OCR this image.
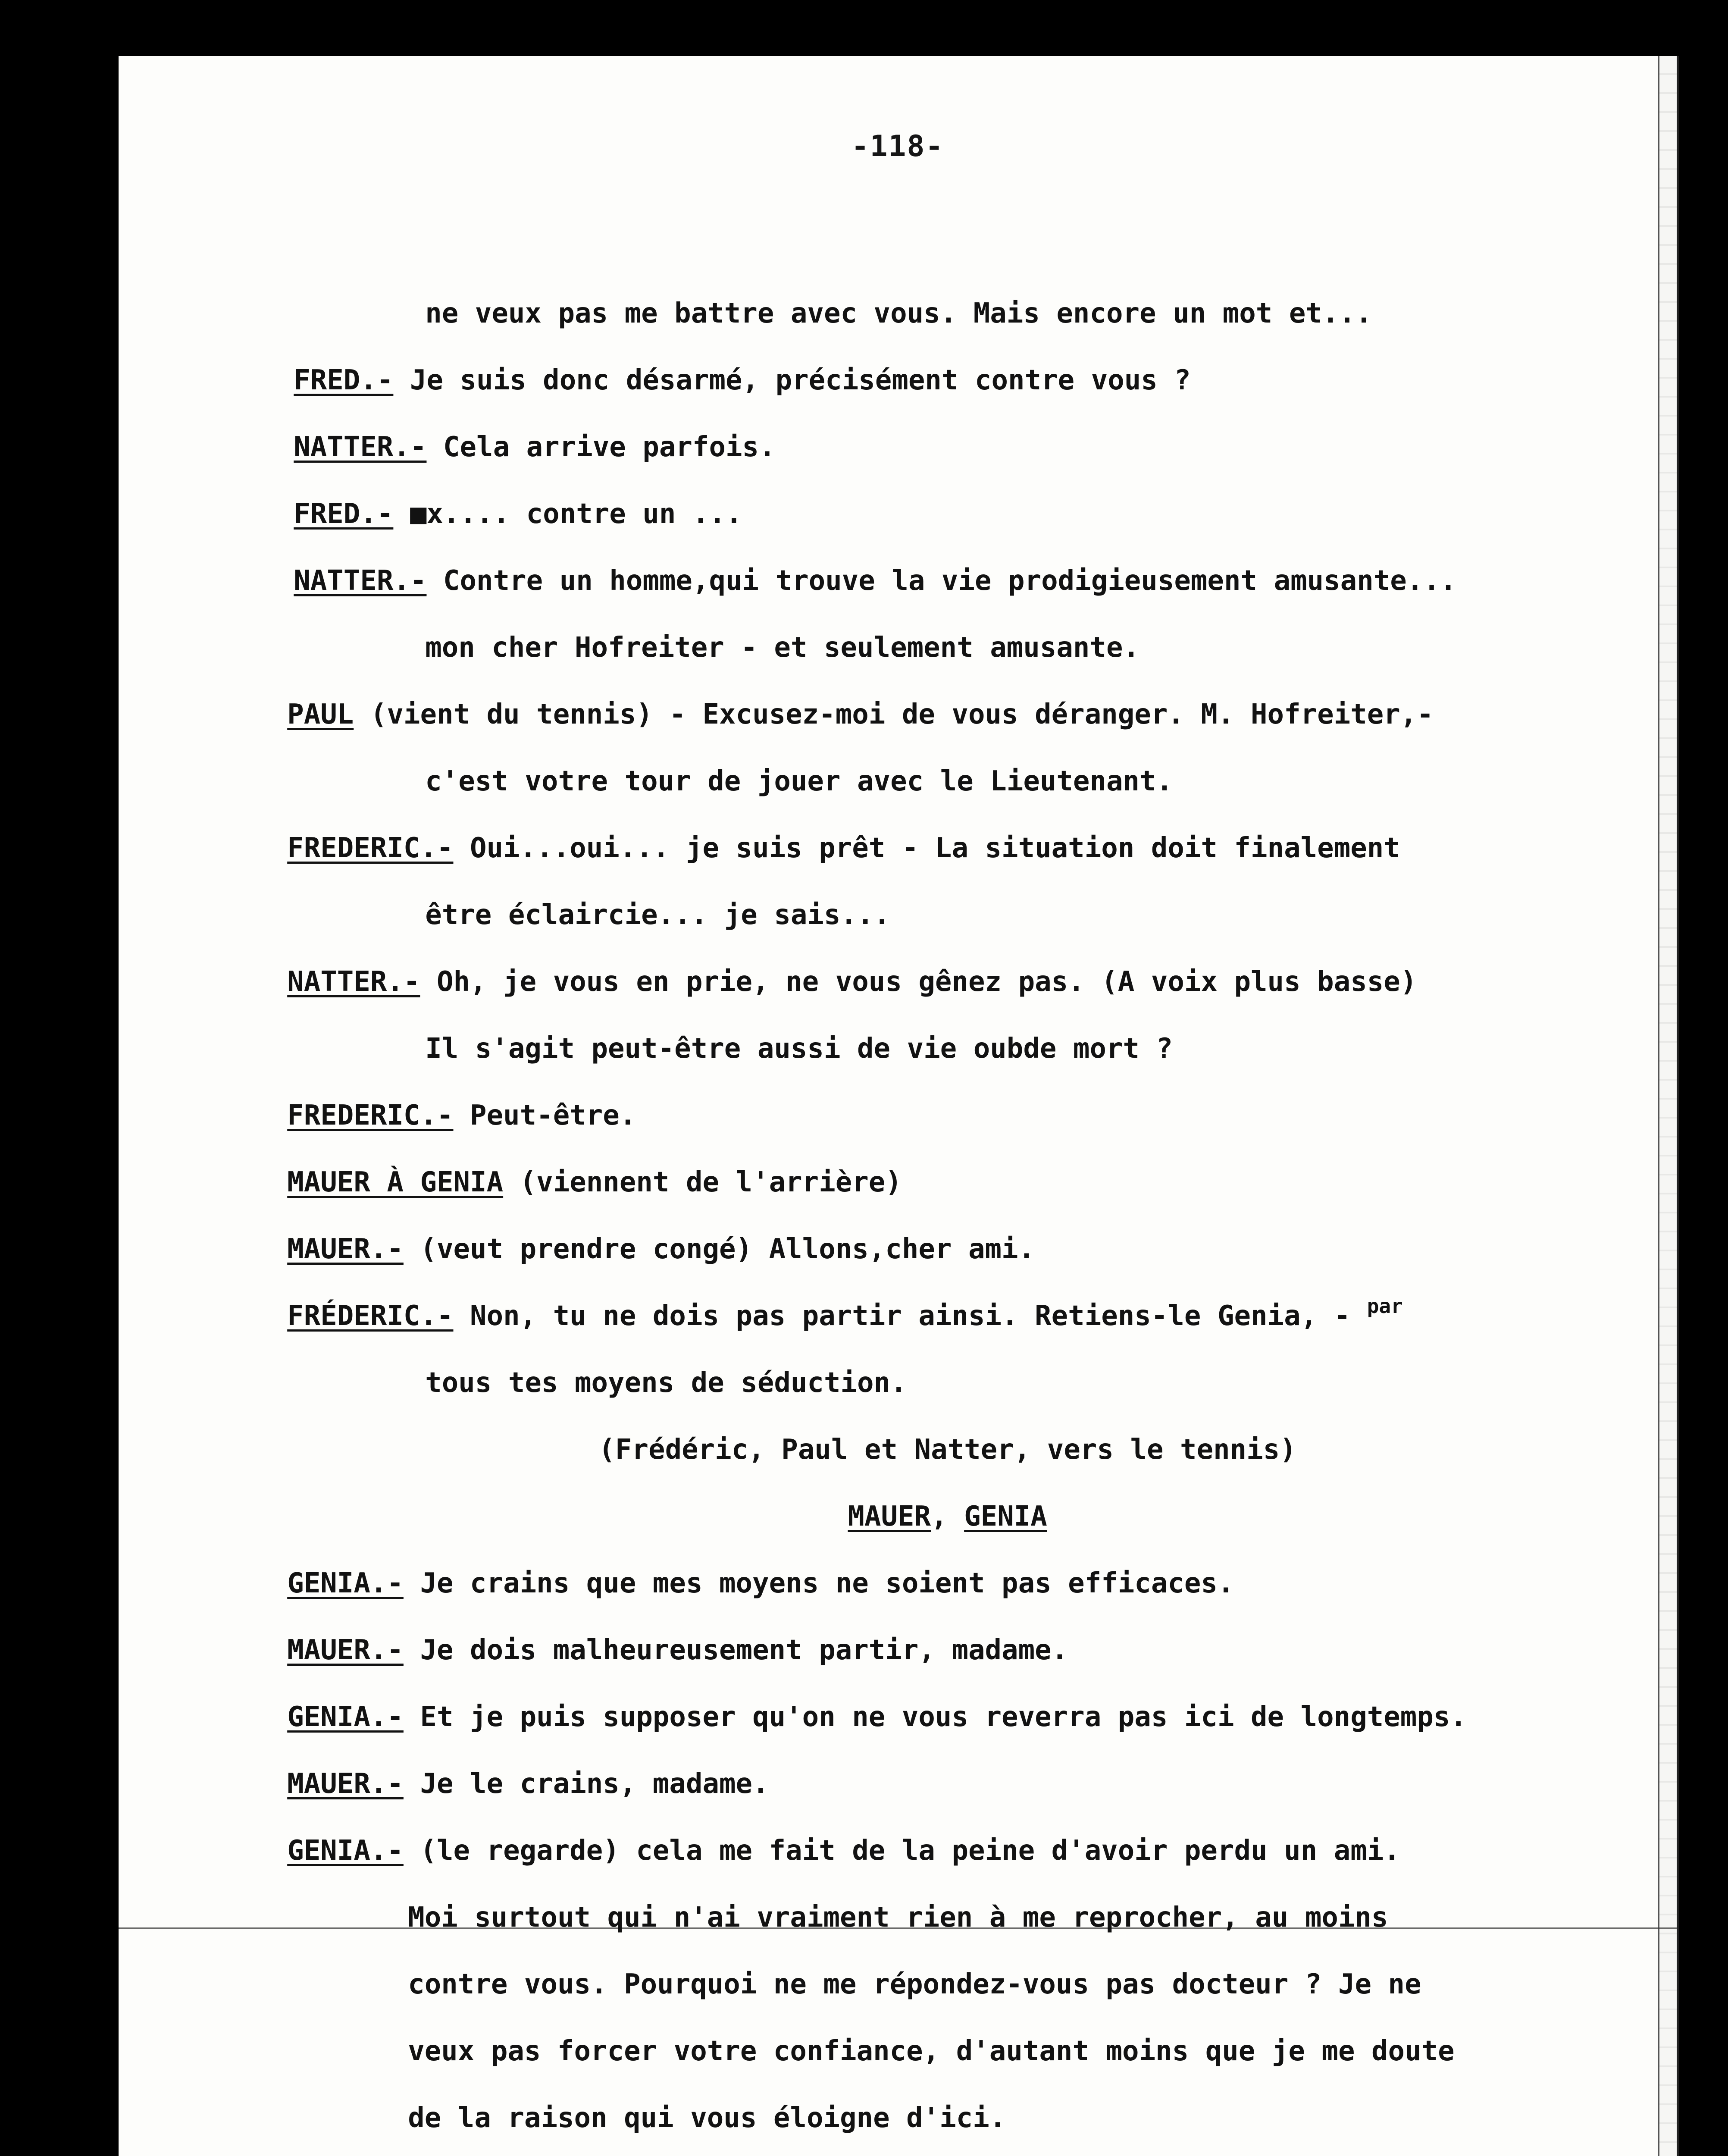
-118-

ne veux pas me battre avec vous. Mais encore un mot et...

FRED.- Je suis donc désarmé, précisément contre vous ?

NATTER.- Cela arrive parfois.

FRED.- ■x.... contre un ...

NATTER.- Contre un homme,qui trouve la vie prodigieusement amusante...

mon cher Hofreiter - et seulement amusante.

PAUL (vient du tennis) - Excusez-moi de vous déranger. M. Hofreiter,-

c'est votre tour de jouer avec le Lieutenant.

FREDERIC.- Oui...oui... je suis prêt - La situation doit finalement

être éclaircie... je sais...

NATTER.- Oh, je vous en prie, ne vous gênez pas. (A voix plus basse)

Il s'agit peut-être aussi de vie oubde mort ?

FREDERIC.- Peut-être.

MAUER À GENIA (viennent de l'arrière)

MAUER.- (veut prendre congé) Allons,cher ami.

FRÉDERIC.- Non, tu ne dois pas partir ainsi. Retiens-le Genia, - $^{par}$

tous tes moyens de séduction.

(Frédéric, Paul et Natter, vers le tennis)

MAUER, GENIA

GENIA.- Je crains que mes moyens ne soient pas efficaces.

MAUER.- Je dois malheureusement partir, madame.

GENIA.- Et je puis supposer qu'on ne vous reverra pas ici de longtemps.

MAUER.- Je le crains, madame.

GENIA.- (le regarde) cela me fait de la peine d'avoir perdu un ami.

Moi surtout qui n'ai vraiment rien à me reprocher, au moins

contre vous. Pourquoi ne me répondez-vous pas docteur ? Je ne

veux pas forcer votre confiance, d'autant moins que je me doute

de la raison qui vous éloigne d'ici.
